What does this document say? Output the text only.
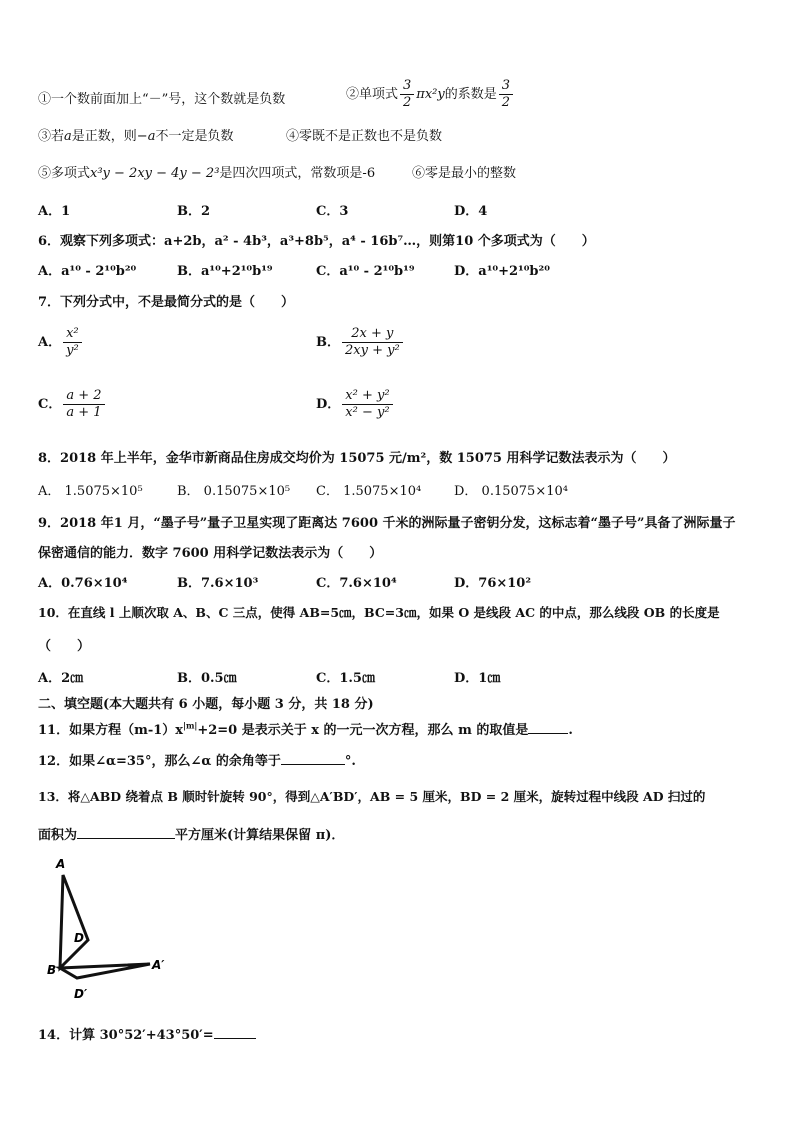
①一个数前面加上“－”号，这个数就是负数	②单项式 $\frac{3}{2} \pi x^2y$的系数是 $\frac{3}{2}$
③若a是正数，则−a不一定是负数	④零既不是正数也不是负数
⑤多项式x³y − 2xy − 4y − 2³是四次四项式，常数项是-6	⑥零是最小的整数
A．1	B．2	C．3	D．4
6．观察下列多项式：a+2b，a² - 4b³，a³+8b⁵，a⁴ - 16b⁷…，则第10 个多项式为（　　）
A．a¹⁰ - 2¹⁰b²⁰	B．a¹⁰+2¹⁰b¹⁹	C．a¹⁰ - 2¹⁰b¹⁹	D．a¹⁰+2¹⁰b²⁰
7．下列分式中，不是最简分式的是（　　）
A． $\frac{\text{x²}}{\text{y²}}$	B． $\frac{2x + y}{\text{2xy + y²}}$
C． $\frac{a + 2}{a + 1}$	D． $\frac{\text{x² + y²}}{\text{x² − y²}}$
8．2018 年上半年，金华市新商品住房成交均价为 15075 元/m²，数 15075 用科学记数法表示为（　　）
A． 1.5075×10⁵	B． 0.15075×10⁵ C． 1.5075×10⁴	D． 0.15075×10⁴
9．2018 年1 月，“墨子号”量子卫星实现了距离达 7600 千米的洲际量子密钥分发，这标志着“墨子号”具备了洲际量子
保密通信的能力．数字 7600 用科学记数法表示为（　　）
A．0.76×10⁴	B．7.6×10³	C．7.6×10⁴	D．76×10²
10．在直线 l 上顺次取 A、B、C 三点，使得 AB=5㎝，BC=3㎝，如果 O 是线段 AC 的中点，那么线段 OB 的长度是
（　　）
A．2㎝	B．0.5㎝	C．1.5㎝	D．1㎝
二、填空题(本大题共有 6 小题，每小题 3 分，共 18 分)
11．如果方程$(m-1)x^{|m|}+2=0$ 是表示关于 x 的一元一次方程，那么 m 的取值是	.
12．如果∠α=35°，那么∠α 的余角等于	°.
13．将△ABD 绕着点 B 顺时针旋转 90°，得到△A′BD′，AB = 5 厘米，BD = 2 厘米，旋转过程中线段 AD 扫过的
面积为	平方厘米(计算结果保留 π)．
A
D
B	A′
D′
14．计算 30°52′+43°50′=
